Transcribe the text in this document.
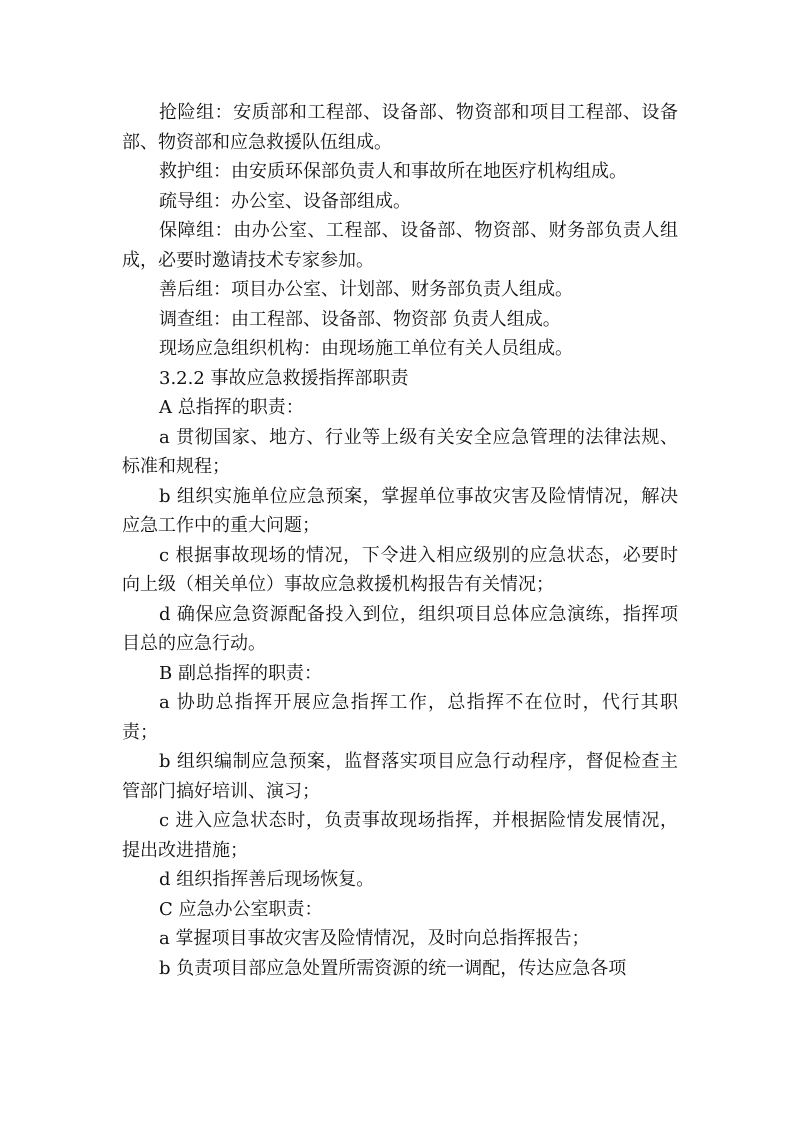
抢险组：安质部和工程部、设备部、物资部和项目工程部、设备部、物资部和应急救援队伍组成。

救护组：由安质环保部负责人和事故所在地医疗机构组成。

疏导组：办公室、设备部组成。

保障组：由办公室、工程部、设备部、物资部、财务部负责人组成，必要时邀请技术专家参加。

善后组：项目办公室、计划部、财务部负责人组成。

调查组：由工程部、设备部、物资部 负责人组成。

现场应急组织机构：由现场施工单位有关人员组成。

3.2.2 事故应急救援指挥部职责

A 总指挥的职责：

a 贯彻国家、地方、行业等上级有关安全应急管理的法律法规、标准和规程；

b 组织实施单位应急预案，掌握单位事故灾害及险情情况，解决应急工作中的重大问题；

c 根据事故现场的情况，下令进入相应级别的应急状态，必要时向上级（相关单位）事故应急救援机构报告有关情况；

d 确保应急资源配备投入到位，组织项目总体应急演练，指挥项目总的应急行动。

B 副总指挥的职责：

a 协助总指挥开展应急指挥工作，总指挥不在位时，代行其职责；

b 组织编制应急预案，监督落实项目应急行动程序，督促检查主管部门搞好培训、演习；

c 进入应急状态时，负责事故现场指挥，并根据险情发展情况，提出改进措施；

d 组织指挥善后现场恢复。

C 应急办公室职责：

a 掌握项目事故灾害及险情情况，及时向总指挥报告；

b 负责项目部应急处置所需资源的统一调配，传达应急各项
